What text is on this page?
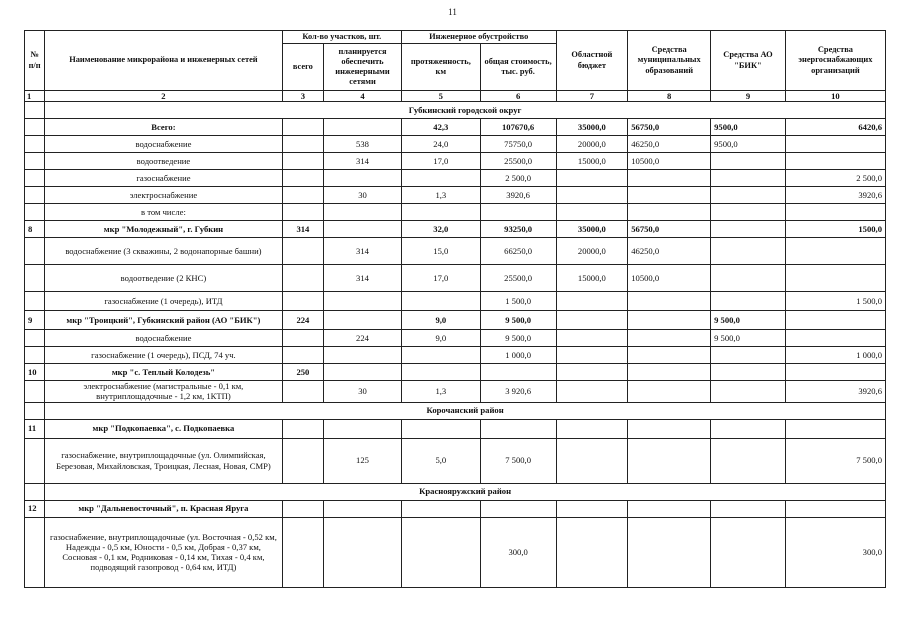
11
№ п/п	Наименование микрорайона и инженерных сетей	Кол-во участков, шт.		Инженерное обустройство		Областной бюджет	Средства муниципальных образований	Средства АО "БИК"	Средства энергоснабжающих организаций
		всего	планируется обеспечить инженерными сетями	протяженность, км	общая стоимость, тыс. руб.				
1	2	3	4	5	6	7	8	9	10
	Губкинский городской округ								
	Всего:			42,3	107670,6	35000,0	56750,0	9500,0	6420,6
	водоснабжение		538	24,0	75750,0	20000,0	46250,0	9500,0	
	водоотведение		314	17,0	25500,0	15000,0	10500,0		
	газоснабжение				2 500,0				2 500,0
	электроснабжение		30	1,3	3920,6				3920,6
	в том числе:								
8	мкр "Молодежный", г. Губкин	314		32,0	93250,0	35000,0	56750,0		1500,0
	водоснабжение (3 скважины, 2 водонапорные башни)		314	15,0	66250,0	20000,0	46250,0		
	водоотведение (2 КНС)		314	17,0	25500,0	15000,0	10500,0		
	газоснабжение (1 очередь), ИТД				1 500,0				1 500,0
9	мкр "Троицкий", Губкинский район (АО "БИК")	224		9,0	9 500,0			9 500,0	
	водоснабжение		224	9,0	9 500,0			9 500,0	
	газоснабжение (1 очередь), ПСД, 74 уч.				1 000,0				1 000,0
10	мкр "с. Теплый Колодезь"	250							
	электроснабжение (магистральные - 0,1 км, внутриплощадочные - 1,2 км, 1КТП)		30	1,3	3 920,6				3920,6
	Корочанский район								
11	мкр "Подкопаевка", с. Подкопаевка								
	газоснабжение, внутриплощадочные (ул. Олимпийская, Березовая, Михайловская, Троицкая, Лесная, Новая, СМР)		125	5,0	7 500,0				7 500,0
	Краснояружский район								
12	мкр "Дальневосточный", п. Красная Яруга								
	газоснабжение, внутриплощадочные (ул. Восточная - 0,52 км, Надежды - 0,5 км, Юности - 0,5 км, Добрая - 0,37 км, Сосновая - 0,1 км, Родниковая - 0,14 км, Тихая - 0,4 км, подводящий газопровод - 0,64 км, ИТД)				300,0				300,0
